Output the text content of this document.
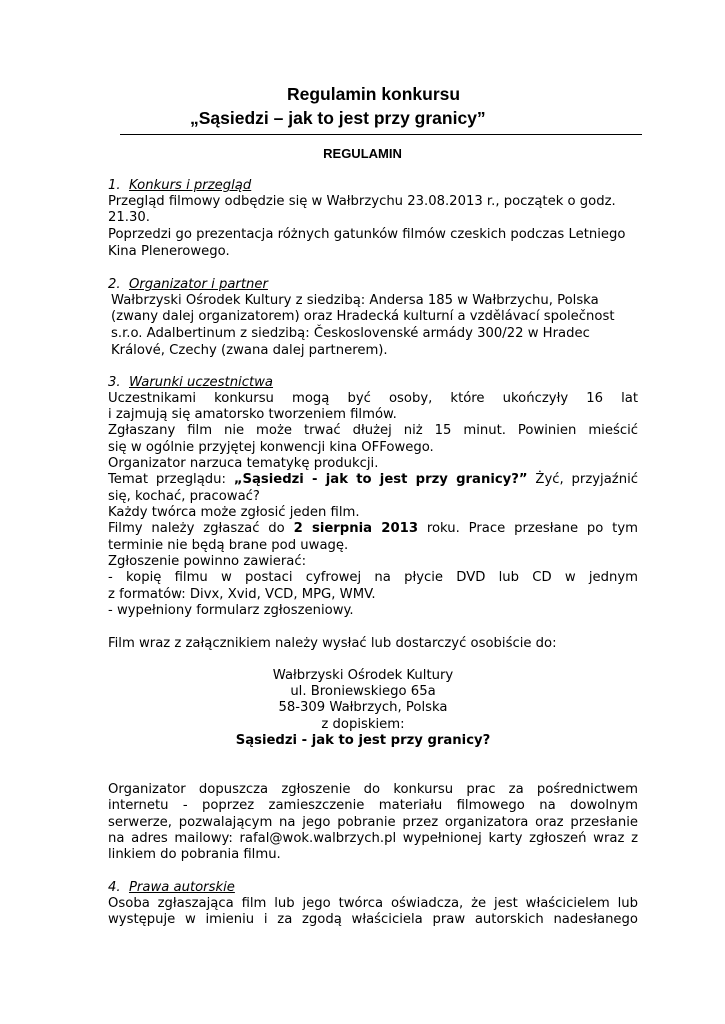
Regulamin konkursu
„Sąsiedzi – jak to jest przy granicy”
REGULAMIN
1. Konkurs i przegląd
Przegląd filmowy odbędzie się w Wałbrzychu 23.08.2013 r., początek o godz.
21.30.
Poprzedzi go prezentacja różnych gatunków filmów czeskich podczas Letniego
Kina Plenerowego.
2. Organizator i partner
Wałbrzyski Ośrodek Kultury z siedzibą: Andersa 185 w Wałbrzychu, Polska
(zwany dalej organizatorem) oraz Hradecká kulturní a vzdělávací společnost
s.r.o. Adalbertinum z siedzibą: Československé armády 300/22 w Hradec
Králové, Czechy (zwana dalej partnerem).
3. Warunki uczestnictwa
Uczestnikami konkursu mogą być osoby, które ukończyły 16 lat
i zajmują się amatorsko tworzeniem filmów.
Zgłaszany film nie może trwać dłużej niż 15 minut. Powinien mieścić
się w ogólnie przyjętej konwencji kina OFFowego.
Organizator narzuca tematykę produkcji.
Temat przeglądu: „Sąsiedzi - jak to jest przy granicy?” Żyć, przyjaźnić
się, kochać, pracować?
Każdy twórca może zgłosić jeden film.
Filmy należy zgłaszać do 2 sierpnia 2013 roku. Prace przesłane po tym
terminie nie będą brane pod uwagę.
Zgłoszenie powinno zawierać:
- kopię filmu w postaci cyfrowej na płycie DVD lub CD w jednym
z formatów: Divx, Xvid, VCD, MPG, WMV.
- wypełniony formularz zgłoszeniowy.
Film wraz z załącznikiem należy wysłać lub dostarczyć osobiście do:
Wałbrzyski Ośrodek Kultury
ul. Broniewskiego 65a
58-309 Wałbrzych, Polska
z dopiskiem:
Sąsiedzi - jak to jest przy granicy?
Organizator dopuszcza zgłoszenie do konkursu prac za pośrednictwem
internetu - poprzez zamieszczenie materiału filmowego na dowolnym
serwerze, pozwalającym na jego pobranie przez organizatora oraz przesłanie
na adres mailowy: rafal@wok.walbrzych.pl wypełnionej karty zgłoszeń wraz z
linkiem do pobrania filmu.
4. Prawa autorskie
Osoba zgłaszająca film lub jego twórca oświadcza, że jest właścicielem lub
występuje w imieniu i za zgodą właściciela praw autorskich nadesłanego
